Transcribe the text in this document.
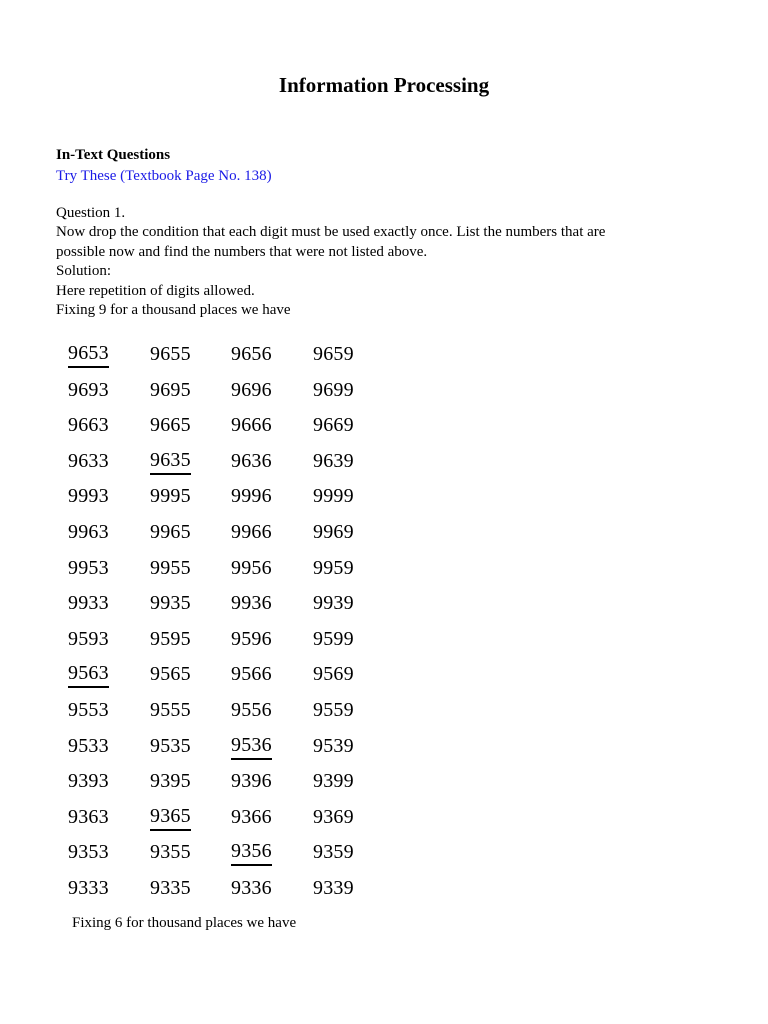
Information Processing
In-Text Questions
Try These (Textbook Page No. 138)
Question 1.
Now drop the condition that each digit must be used exactly once. List the numbers that are
possible now and find the numbers that were not listed above.
Solution:
Here repetition of digits allowed.
Fixing 9 for a thousand places we have
9653 9655 9656 9659
9693 9695 9696 9699
9663 9665 9666 9669
9633 9635 9636 9639
9993 9995 9996 9999
9963 9965 9966 9969
9953 9955 9956 9959
9933 9935 9936 9939
9593 9595 9596 9599
9563 9565 9566 9569
9553 9555 9556 9559
9533 9535 9536 9539
9393 9395 9396 9399
9363 9365 9366 9369
9353 9355 9356 9359
9333 9335 9336 9339
Fixing 6 for thousand places we have
